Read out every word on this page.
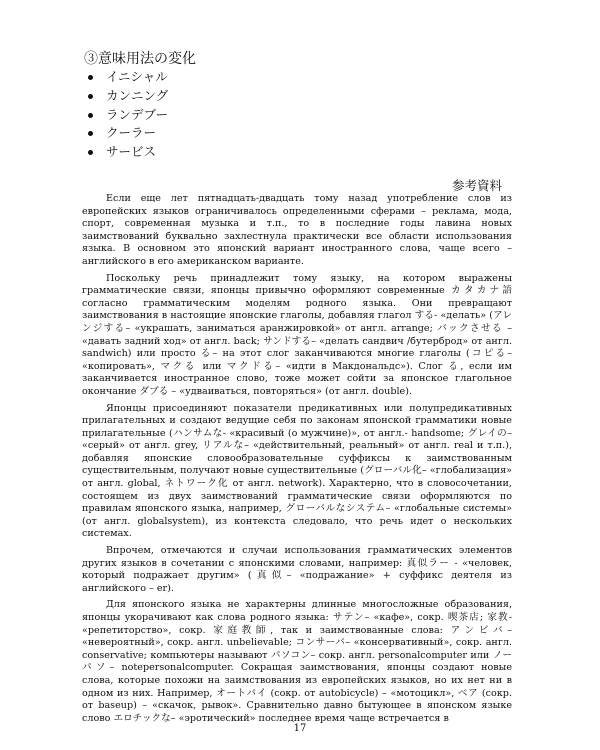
③意味用法の変化
イニシャル
カンニング
ランデブー
クーラー
サービス
参考資料

Если еще лет пятнадцать-двадцать тому назад употребление слов из европейских языков ограничивалось определенными сферами – реклама, мода, спорт, современная музыка и т.п., то в последние годы лавина новых заимствований буквально захлестнула практически все области использования языка. В основном это японский вариант иностранного слова, чаще всего – английского в его американском варианте.

Поскольку речь принадлежит тому языку, на котором выражены грамматические связи, японцы привычно оформляют современные カタカナ語 согласно грамматическим моделям родного языка. Они превращают заимствования в настоящие японские глаголы, добавляя глагол する- «делать» (アレンジする– «украшать, заниматься аранжировкой» от англ. arrange; バックさせる – «давать задний ход» от англ. back; サンドする– «делать сандвич /бутерброд» от англ. sandwich) или просто る– на этот слог заканчиваются многие глаголы (コピる– «копировать», マクる или マクドる– «идти в Макдональдс»). Слог る, если им заканчивается иностранное слово, тоже может сойти за японское глагольное окончание ダブる – «удваиваться, повторяться» (от англ. double).

Японцы присоединяют показатели предикативных или полупредикативных прилагательных и создают ведущие себя по законам японской грамматики новые прилагательные (ハンサムな- «красивый (о мужчине)», от англ.- handsome; グレイの– «серый» от англ. grey, リアルな– «действительный, реальный» от англ. real и т.п.), добавляя японские словообразовательные суффиксы к заимствованным существительным, получают новые существительные (グローバル化– «глобализация» от англ. global, ネトワーク化 от англ. network). Характерно, что в словосочетании, состоящем из двух заимствований грамматические связи оформляются по правилам японского языка, например, グローバルなシステム– «глобальные системы» (от англ. globalsystem), из контекста следовало, что речь идет о нескольких системах.

Впрочем, отмечаются и случаи использования грамматических элементов других языков в сочетании с японскими словами, например: 真似ラー - «человек, который подражает другим» (真似– «подражание» + суффикс деятеля из английского – er).

Для японского языка не характерны длинные многосложные образования, японцы укорачивают как слова родного языка: サテン– «кафе», сокр. 喫茶店; 家教- «репетиторство», сокр. 家庭教師, так и заимствованные слова: アンビバ– «невероятный», сокр. англ. unbelievable; コンサーバ– «консервативный», сокр. англ. conservative; компьютеры называют パソコン– сокр. англ. personalcomputer или ノーパソ– notepersonalcomputer. Сокращая заимствования, японцы создают новые слова, которые похожи на заимствования из европейских языков, но их нет ни в одном из них. Например, オートバイ (сокр. от autobicycle) – «мотоцикл», ベア (сокр. от baseup) – «скачок, рывок». Сравнительно давно бытующее в японском языке слово エロチックな– «эротический» последнее время чаще встречается в

17
